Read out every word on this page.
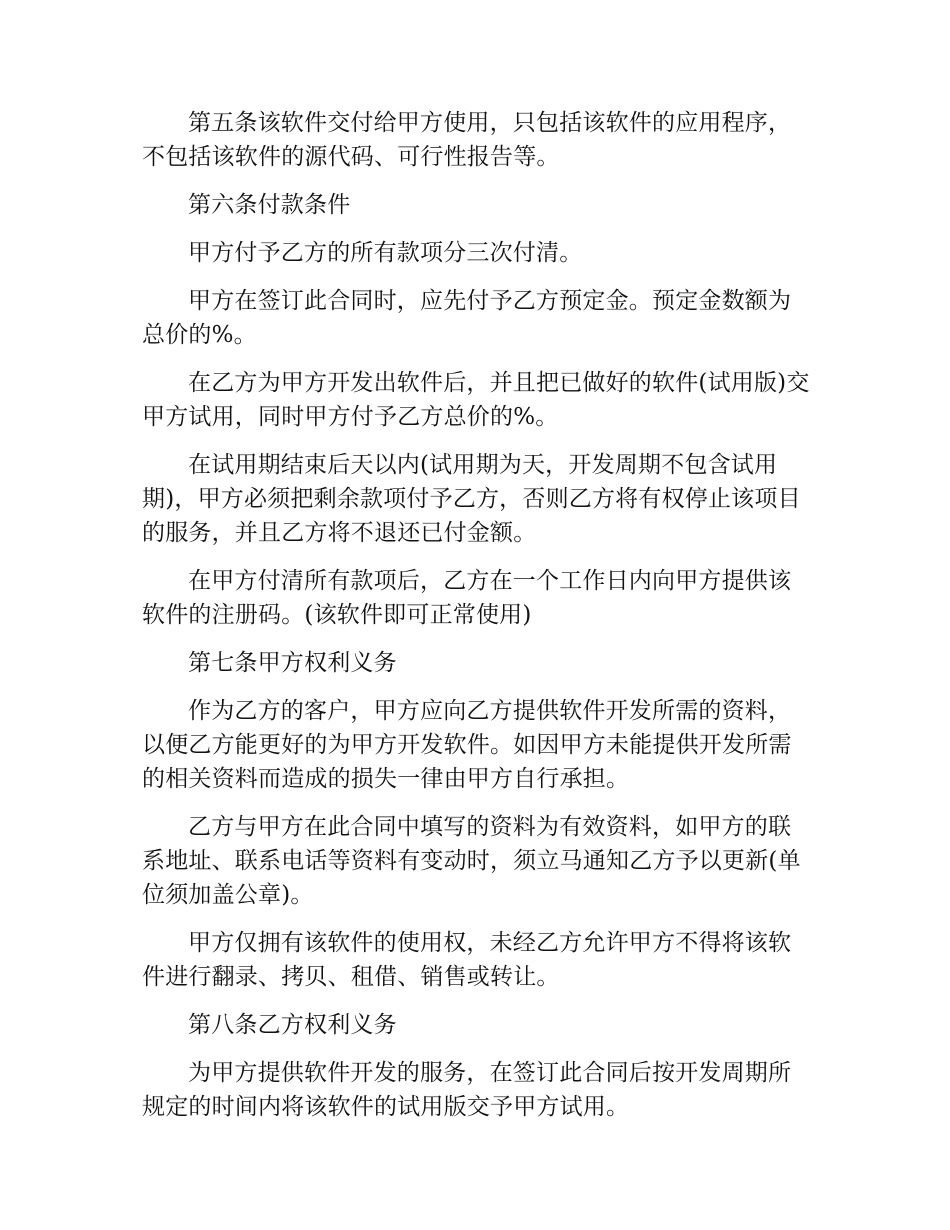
第五条该软件交付给甲方使用，只包括该软件的应用程序，不包括该软件的源代码、可行性报告等。

第六条付款条件

甲方付予乙方的所有款项分三次付清。

甲方在签订此合同时，应先付予乙方预定金。预定金数额为总价的%。

在乙方为甲方开发出软件后，并且把已做好的软件(试用版)交甲方试用，同时甲方付予乙方总价的%。

在试用期结束后天以内(试用期为天，开发周期不包含试用期)，甲方必须把剩余款项付予乙方，否则乙方将有权停止该项目的服务，并且乙方将不退还已付金额。

在甲方付清所有款项后，乙方在一个工作日内向甲方提供该软件的注册码。(该软件即可正常使用)

第七条甲方权利义务

作为乙方的客户，甲方应向乙方提供软件开发所需的资料，以便乙方能更好的为甲方开发软件。如因甲方未能提供开发所需的相关资料而造成的损失一律由甲方自行承担。

乙方与甲方在此合同中填写的资料为有效资料，如甲方的联系地址、联系电话等资料有变动时，须立马通知乙方予以更新(单位须加盖公章)。

甲方仅拥有该软件的使用权，未经乙方允许甲方不得将该软件进行翻录、拷贝、租借、销售或转让。

第八条乙方权利义务

为甲方提供软件开发的服务，在签订此合同后按开发周期所规定的时间内将该软件的试用版交予甲方试用。
